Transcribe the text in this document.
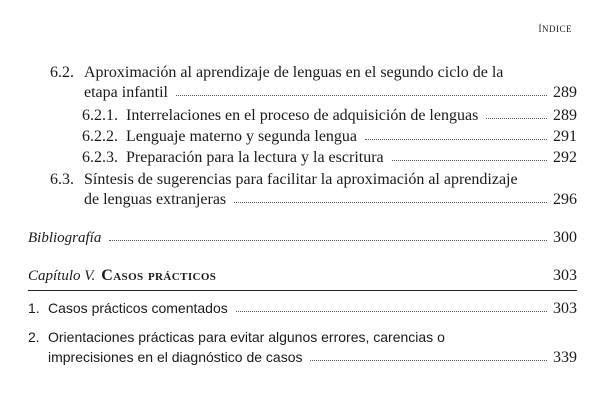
ÍNDICE
6.2. Aproximación al aprendizaje de lenguas en el segundo ciclo de la
etapa infantil	289
6.2.1. Interrelaciones en el proceso de adquisición de lenguas	289
6.2.2. Lenguaje materno y segunda lengua	291
6.2.3. Preparación para la lectura y la escritura	292
6.3. Síntesis de sugerencias para facilitar la aproximación al aprendizaje
de lenguas extranjeras	296
Bibliografía	300
Capítulo V. Casos prácticos	303
1. Casos prácticos comentados	303
2. Orientaciones prácticas para evitar algunos errores, carencias o
imprecisiones en el diagnóstico de casos	339
